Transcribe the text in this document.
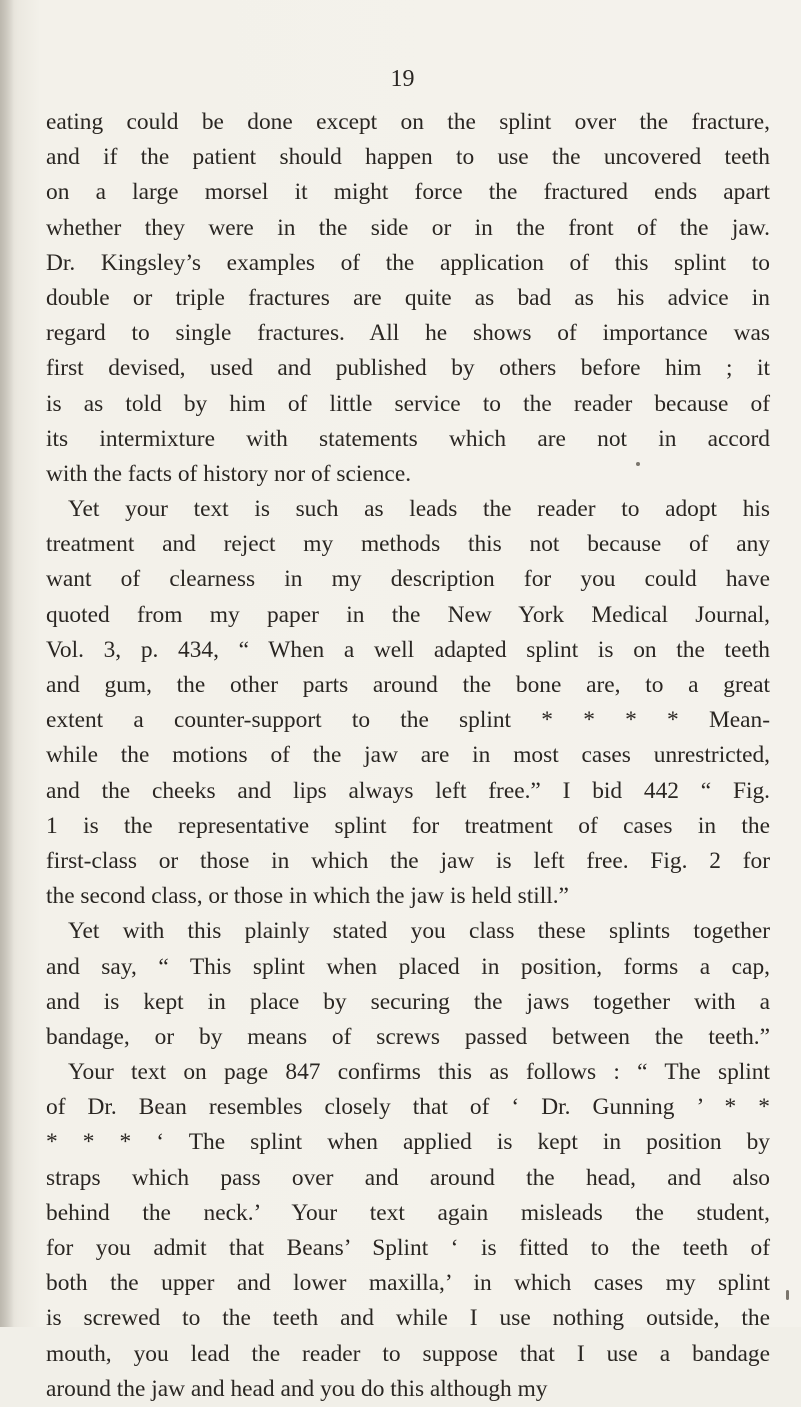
19
eating could be done except on the splint over the fracture,
and if the patient should happen to use the uncovered teeth
on a large morsel it might force the fractured ends apart
whether they were in the side or in the front of the jaw.
Dr. Kingsley’s examples of the application of this splint to
double or triple fractures are quite as bad as his advice in
regard to single fractures. All he shows of importance was
first devised, used and published by others before him ; it
is as told by him of little service to the reader because of
its intermixture with statements which are not in accord
with the facts of history nor of science.
Yet your text is such as leads the reader to adopt his
treatment and reject my methods this not because of any
want of clearness in my description for you could have
quoted from my paper in the New York Medical Journal,
Vol. 3, p. 434, “ When a well adapted splint is on the teeth
and gum, the other parts around the bone are, to a great
extent a counter-support to the splint * * * * Mean-
while the motions of the jaw are in most cases unrestricted,
and the cheeks and lips always left free.” I bid 442 “ Fig.
1 is the representative splint for treatment of cases in the
first-class or those in which the jaw is left free. Fig. 2 for
the second class, or those in which the jaw is held still.”
Yet with this plainly stated you class these splints together
and say, “ This splint when placed in position, forms a cap,
and is kept in place by securing the jaws together with a
bandage, or by means of screws passed between the teeth.”
Your text on page 847 confirms this as follows : “ The splint
of Dr. Bean resembles closely that of ‘ Dr. Gunning ’ * *
* * * ‘ The splint when applied is kept in position by
straps which pass over and around the head, and also
behind the neck.’ Your text again misleads the student,
for you admit that Beans’ Splint ‘ is fitted to the teeth of
both the upper and lower maxilla,’ in which cases my splint
is screwed to the teeth and while I use nothing outside, the
mouth, you lead the reader to suppose that I use a bandage
around the jaw and head and you do this although my
